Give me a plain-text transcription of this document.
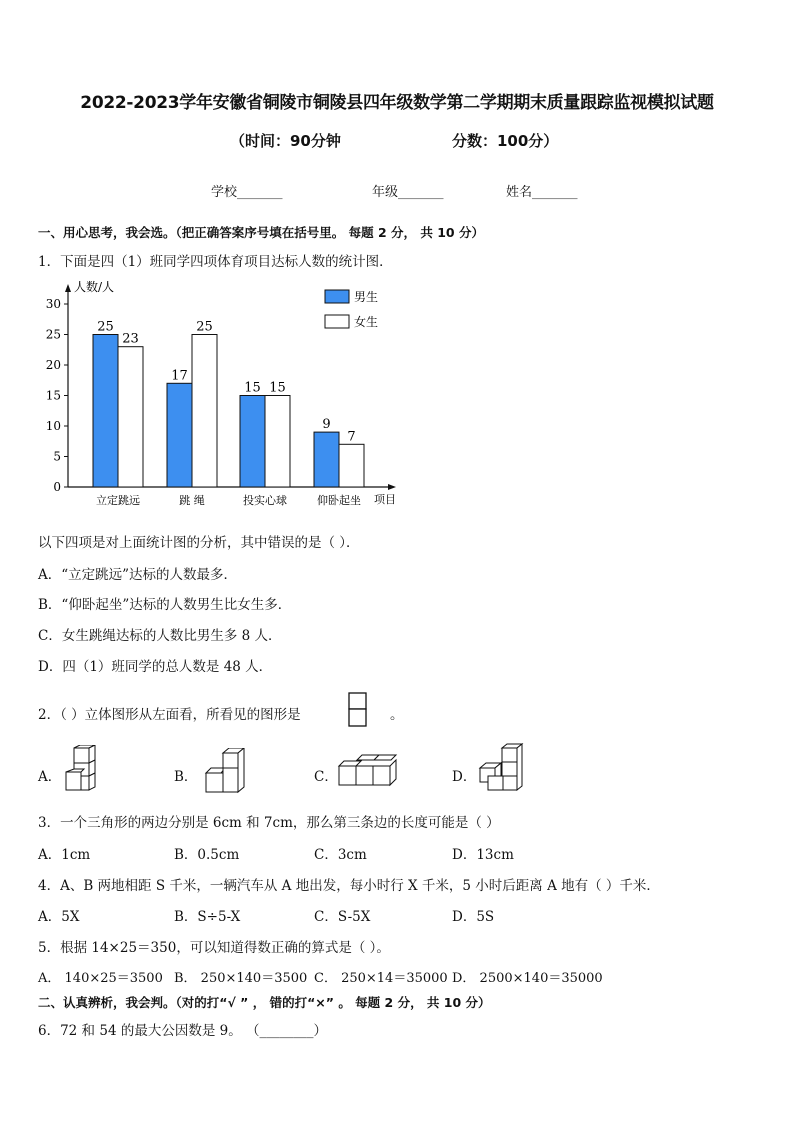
2022-2023学年安徽省铜陵市铜陵县四年级数学第二学期期末质量跟踪监视模拟试题
（时间：90分钟	分数：100分）
学校_______	年级_______	姓名_______
一、用心思考，我会选。（把正确答案序号填在括号里。 每题 2 分， 共 10 分）
1．下面是四（1）班同学四项体育项目达标人数的统计图．
人数/人
项目
男生
女生
0
5
10
15
20
25
30
25
23
立定跳远
17
25
跳 绳
15 15
投实心球
9
7
仰卧起坐
以下四项是对上面统计图的分析，其中错误的是（ ）．
A．“立定跳远”达标的人数最多．
B．“仰卧起坐”达标的人数男生比女生多．
C．女生跳绳达标的人数比男生多 8 人．
D．四（1）班同学的总人数是 48 人．
2．（ ）立体图形从左面看，所看见的图形是	。
A．	B．	C．	D．
3．一个三角形的两边分别是 6cm 和 7cm，那么第三条边的长度可能是（ ）
A．1cm	B．0.5cm	C．3cm	D．13cm
4．A、B 两地相距 S 千米，一辆汽车从 A 地出发，每小时行 X 千米，5 小时后距离 A 地有（ ）千米．
A．5X	B．S÷5-X	C．S-5X	D．5S
5．根据 14×25＝350，可以知道得数正确的算式是（ ）。
A． 140×25＝3500 B． 250×140＝3500 C． 250×14＝35000 D． 2500×140＝35000
二、认真辨析，我会判。（对的打“√ ” ， 错的打“×” 。 每题 2 分， 共 10 分）
6．72 和 54 的最大公因数是 9。 （________）
